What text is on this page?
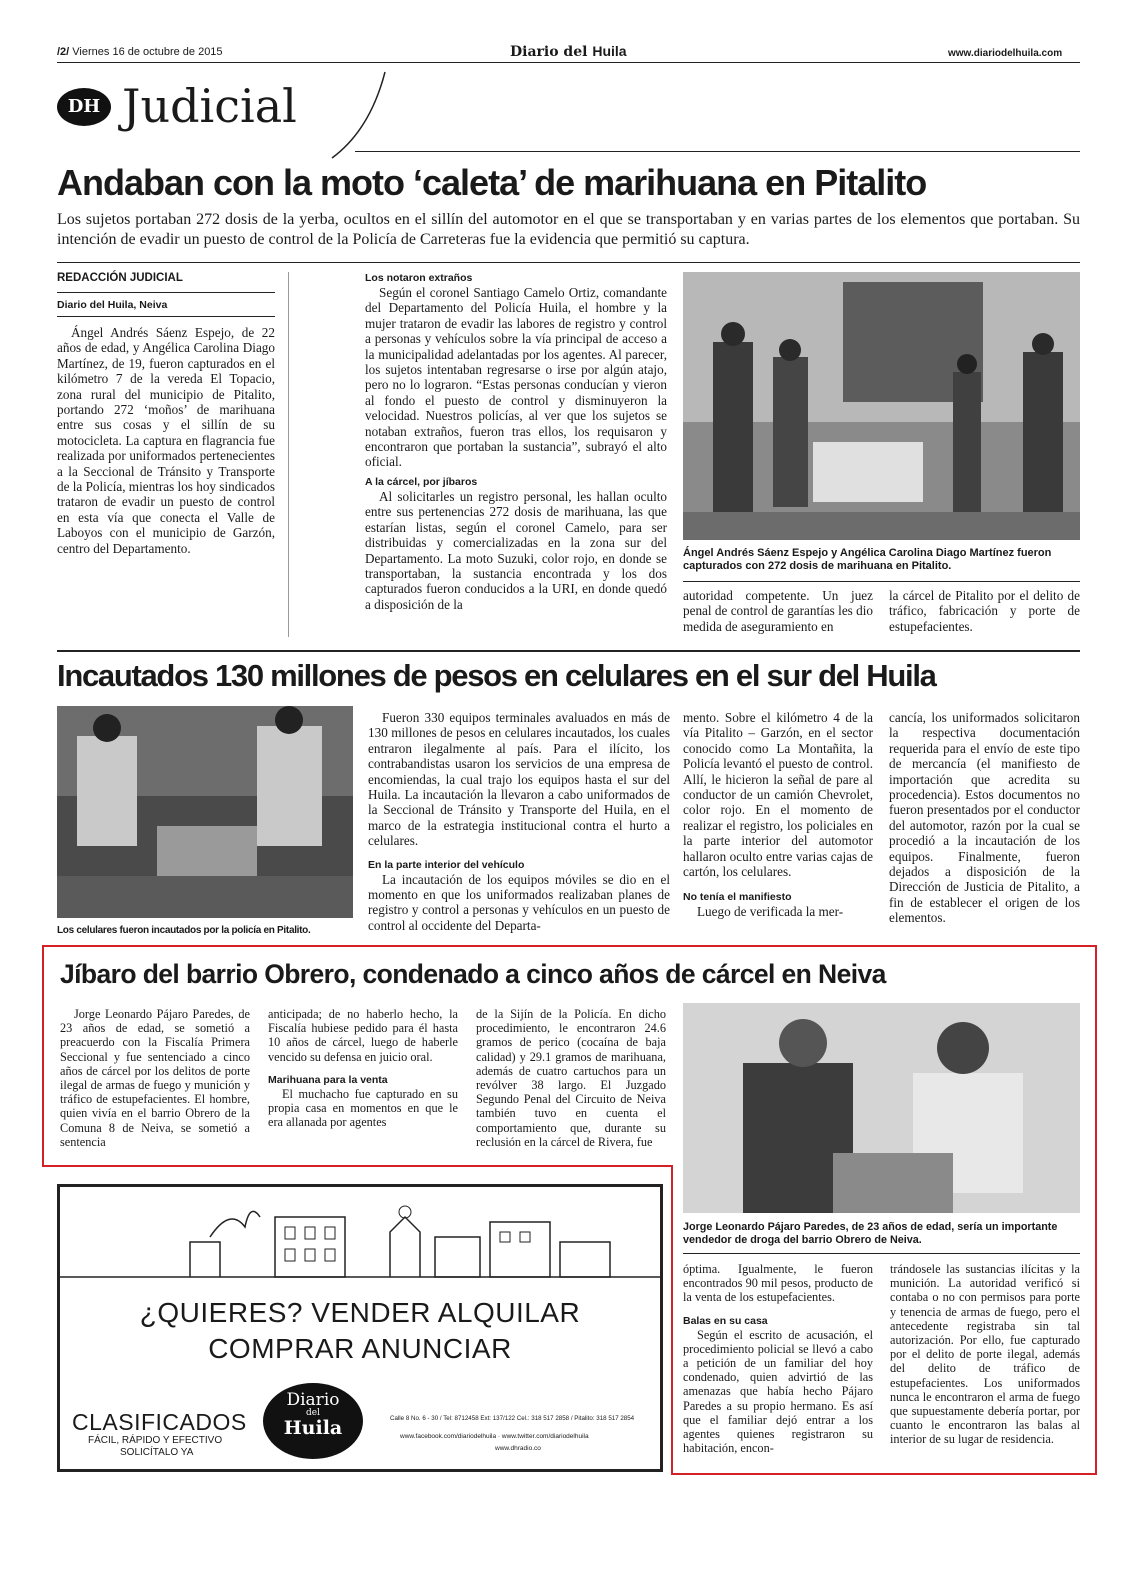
/2/ Viernes 16 de octubre de 2015	Diario del Huila	www.diariodelhuila.com
DH Judicial
Andaban con la moto ‘caleta’ de marihuana en Pitalito
Los sujetos portaban 272 dosis de la yerba, ocultos en el sillín del automotor en el que se transportaban y en varias partes de los elementos que portaban. Su intención de evadir un puesto de control de la Policía de Carreteras fue la evidencia que permitió su captura.
REDACCIÓN JUDICIAL
Diario del Huila, Neiva

Ángel Andrés Sáenz Espejo, de 22 años de edad, y Angélica Carolina Diago Martínez, de 19, fueron capturados en el kilómetro 7 de la vereda El Topacio, zona rural del municipio de Pitalito, portando 272 ‘moños’ de marihuana entre sus cosas y el sillín de su motocicleta. La captura en flagrancia fue realizada por uniformados pertenecientes a la Seccional de Tránsito y Transporte de la Policía, mientras los hoy sindicados trataron de evadir un puesto de control en esta vía que conecta el Valle de Laboyos con el municipio de Garzón, centro del Departamento.

Los notaron extraños

Según el coronel Santiago Camelo Ortiz, comandante del Departamento del Policía Huila, el hombre y la mujer trataron de evadir las labores de registro y control a personas y vehículos sobre la vía principal de acceso a la municipalidad adelantadas por los agentes. Al parecer, los sujetos intentaban regresarse o irse por algún atajo, pero no lo lograron. “Estas personas conducían y vieron al fondo el puesto de control y disminuyeron la velocidad. Nuestros policías, al ver que los sujetos se notaban extraños, fueron tras ellos, los requisaron y encontraron que portaban la sustancia”, subrayó el alto oficial.

A la cárcel, por jíbaros

Al solicitarles un registro personal, les hallan oculto entre sus pertenencias 272 dosis de marihuana, las que estarían listas, según el coronel Camelo, para ser distribuidas y comercializadas en la zona sur del Departamento. La moto Suzuki, color rojo, en donde se transportaban, la sustancia encontrada y los dos capturados fueron conducidos a la URI, en donde quedó a disposición de la

Ángel Andrés Sáenz Espejo y Angélica Carolina Diago Martínez fueron capturados con 272 dosis de marihuana en Pitalito.

autoridad competente. Un juez penal de control de garantías les dio medida de aseguramiento en

la cárcel de Pitalito por el delito de tráfico, fabricación y porte de estupefacientes.

Incautados 130 millones de pesos en celulares en el sur del Huila
Los celulares fueron incautados por la policía en Pitalito.

Fueron 330 equipos terminales avaluados en más de 130 millones de pesos en celulares incautados, los cuales entraron ilegalmente al país. Para el ilícito, los contrabandistas usaron los servicios de una empresa de encomiendas, la cual trajo los equipos hasta el sur del Huila. La incautación la llevaron a cabo uniformados de la Seccional de Tránsito y Transporte del Huila, en el marco de la estrategia institucional contra el hurto a celulares.

En la parte interior del vehículo

La incautación de los equipos móviles se dio en el momento en que los uniformados realizaban planes de registro y control a personas y vehículos en un puesto de control al occidente del Departa-

mento. Sobre el kilómetro 4 de la vía Pitalito – Garzón, en el sector conocido como La Montañita, la Policía levantó el puesto de control. Allí, le hicieron la señal de pare al conductor de un camión Chevrolet, color rojo. En el momento de realizar el registro, los policiales en la parte interior del automotor hallaron oculto entre varias cajas de cartón, los celulares.

No tenía el manifiesto

Luego de verificada la mer-

cancía, los uniformados solicitaron la respectiva documentación requerida para el envío de este tipo de mercancía (el manifiesto de importación que acredita su procedencia). Estos documentos no fueron presentados por el conductor del automotor, razón por la cual se procedió a la incautación de los equipos. Finalmente, fueron dejados a disposición de la Dirección de Justicia de Pitalito, a fin de establecer el origen de los elementos.

Jíbaro del barrio Obrero, condenado a cinco años de cárcel en Neiva

Jorge Leonardo Pájaro Paredes, de 23 años de edad, se sometió a preacuerdo con la Fiscalía Primera Seccional y fue sentenciado a cinco años de cárcel por los delitos de porte ilegal de armas de fuego y munición y tráfico de estupefacientes. El hombre, quien vivía en el barrio Obrero de la Comuna 8 de Neiva, se sometió a sentencia

anticipada; de no haberlo hecho, la Fiscalía hubiese pedido para él hasta 10 años de cárcel, luego de haberle vencido su defensa en juicio oral.

Marihuana para la venta

El muchacho fue capturado en su propia casa en momentos en que le era allanada por agentes

de la Sijín de la Policía. En dicho procedimiento, le encontraron 24.6 gramos de perico (cocaína de baja calidad) y 29.1 gramos de marihuana, además de cuatro cartuchos para un revólver 38 largo. El Juzgado Segundo Penal del Circuito de Neiva también tuvo en cuenta el comportamiento que, durante su reclusión en la cárcel de Rivera, fue

Jorge Leonardo Pájaro Paredes, de 23 años de edad, sería un importante vendedor de droga del barrio Obrero de Neiva.

óptima. Igualmente, le fueron encontrados 90 mil pesos, producto de la venta de los estupefacientes.

Balas en su casa

Según el escrito de acusación, el procedimiento policial se llevó a cabo a petición de un familiar del hoy condenado, quien advirtió de las amenazas que había hecho Pájaro Paredes a su propio hermano. Es así que el familiar dejó entrar a los agentes quienes registraron su habitación, encon-

trándosele las sustancias ilícitas y la munición. La autoridad verificó si contaba o no con permisos para porte y tenencia de armas de fuego, pero el antecedente registraba sin tal autorización. Por ello, fue capturado por el delito de porte ilegal, además del delito de tráfico de estupefacientes. Los uniformados nunca le encontraron el arma de fuego que supuestamente debería portar, por cuanto le encontraron las balas al interior de su lugar de residencia.

¿QUIERES? VENDER ALQUILAR
COMPRAR ANUNCIAR
CLASIFICADOS
FÁCIL, RÁPIDO Y EFECTIVO
SOLICÍTALO YA
Diario
del
Huila	Calle 8 No. 6 - 30 / Tel: 8712458 Ext: 137/122 Cel.: 318 517 2858 / Pitalito: 318 517 2854
www.facebook.com/diariodelhuila · www.twitter.com/diariodelhuila
www.dhradio.co
